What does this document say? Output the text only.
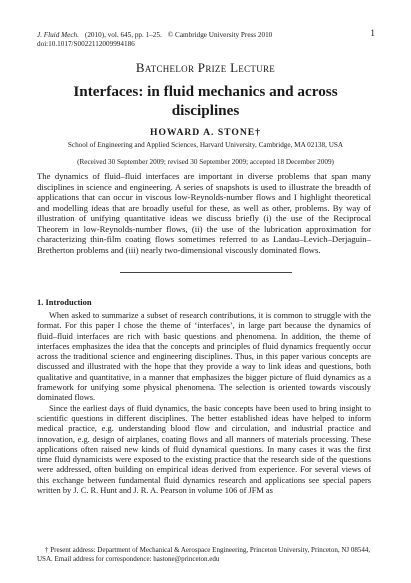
J. Fluid Mech. (2010), vol. 645, pp. 1–25. © Cambridge University Press 2010
doi:10.1017/S0022112009994186
1
Batchelor Prize Lecture
Interfaces: in fluid mechanics and across disciplines
HOWARD A. STONE†
School of Engineering and Applied Sciences, Harvard University, Cambridge, MA 02138, USA
(Received 30 September 2009; revised 30 September 2009; accepted 18 December 2009)
The dynamics of fluid–fluid interfaces are important in diverse problems that span many disciplines in science and engineering. A series of snapshots is used to illustrate the breadth of applications that can occur in viscous low-Reynolds-number flows and I highlight theoretical and modelling ideas that are broadly useful for these, as well as other, problems. By way of illustration of unifying quantitative ideas we discuss briefly (i) the use of the Reciprocal Theorem in low-Reynolds-number flows, (ii) the use of the lubrication approximation for characterizing thin-film coating flows sometimes referred to as Landau–Levich–Derjaguin–Bretherton problems and (iii) nearly two-dimensional viscously dominated flows.
1. Introduction

When asked to summarize a subset of research contributions, it is common to struggle with the format. For this paper I chose the theme of ‘interfaces’, in large part because the dynamics of fluid–fluid interfaces are rich with basic questions and phenomena. In addition, the theme of interfaces emphasizes the idea that the concepts and principles of fluid dynamics frequently occur across the traditional science and engineering disciplines. Thus, in this paper various concepts are discussed and illustrated with the hope that they provide a way to link ideas and questions, both qualitative and quantitative, in a manner that emphasizes the bigger picture of fluid dynamics as a framework for unifying some physical phenomena. The selection is oriented towards viscously dominated flows.

Since the earliest days of fluid dynamics, the basic concepts have been used to bring insight to scientific questions in different disciplines. The better established ideas have helped to inform medical practice, e.g. understanding blood flow and circulation, and industrial practice and innovation, e.g. design of airplanes, coating flows and all manners of materials processing. These applications often raised new kinds of fluid dynamical questions. In many cases it was the first time fluid dynamicists were exposed to the existing practice that the research side of the questions were addressed, often building on empirical ideas derived from experience. For several views of this exchange between fundamental fluid dynamics research and applications see special papers written by J. C. R. Hunt and J. R. A. Pearson in volume 106 of JFM as

† Present address: Department of Mechanical & Aerospace Engineering, Princeton University, Princeton, NJ 08544, USA. Email address for correspondence: hastone@princeton.edu
